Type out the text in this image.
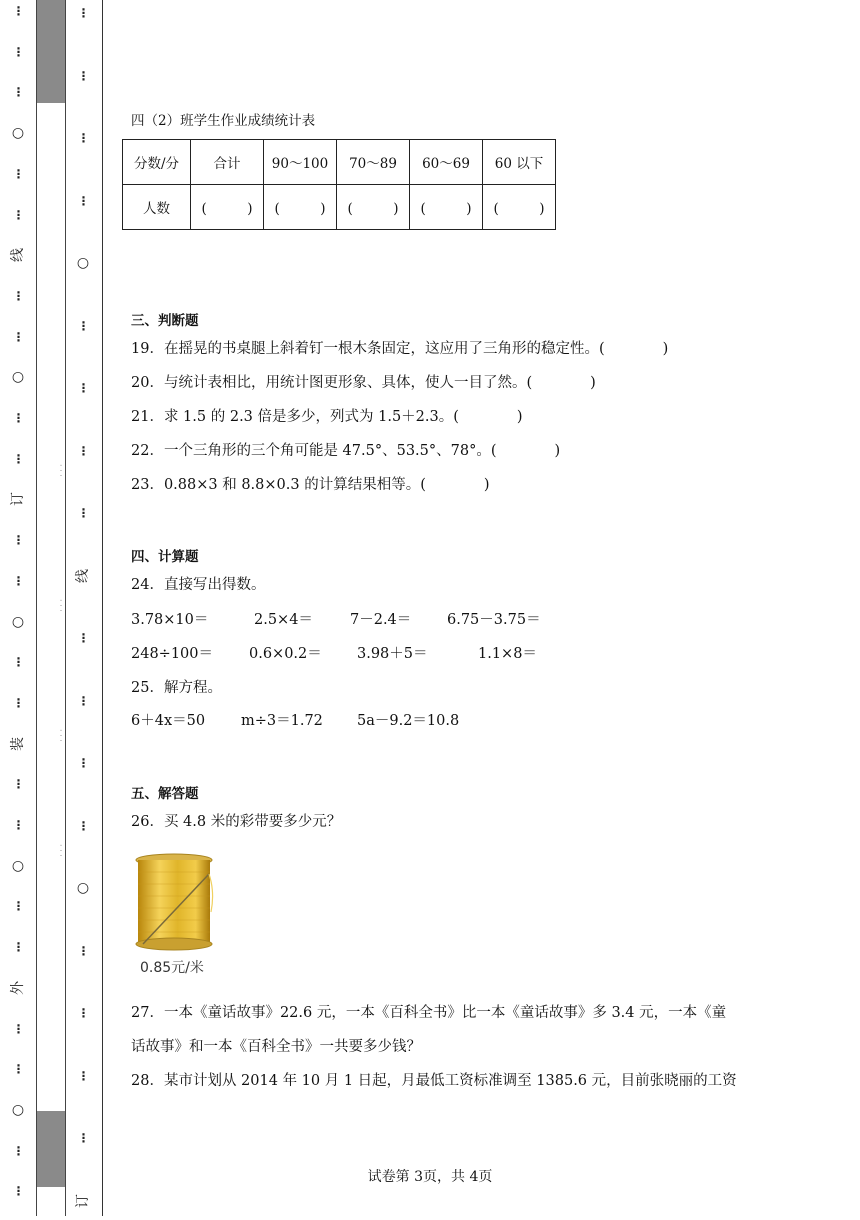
⋮
⋮
⋮
○
⋮
⋮
线
⋮
⋮
○
⋮
⋮
订
⋮
⋮
○
⋮
⋮
装
⋮
⋮
○
⋮
⋮
外
⋮
⋮
○
⋮
⋮
· · ·
· · ·
· · ·
· · ·
⋮
⋮
⋮
⋮
○
⋮
⋮
⋮
⋮
线
⋮
⋮
⋮
⋮
○
⋮
⋮
⋮
⋮
订
四（2）班学生作业成绩统计表
分数/分	合计	90～100	70～89	60～69	60 以下
人数	(　　　)	(　　　)	(　　　)	(　　　)	(　　　)
三、判断题
19．在摇晃的书桌腿上斜着钉一根木条固定，这应用了三角形的稳定性。(　　　　)
20．与统计表相比，用统计图更形象、具体，使人一目了然。(　　　　)
21．求 1.5 的 2.3 倍是多少，列式为 1.5＋2.3。(　　　　)
22．一个三角形的三个角可能是 47.5°、53.5°、78°。(　　　　)
23．0.88×3 和 8.8×0.3 的计算结果相等。(　　　　)
四、计算题
24．直接写出得数。
3.78×10＝	2.5×4＝	7－2.4＝ 6.75－3.75＝
248÷100＝ 0.6×0.2＝ 3.98＋5＝	1.1×8＝
25．解方程。
6＋4x＝50 m÷3＝1.72 5a－9.2＝10.8
五、解答题
26．买 4.8 米的彩带要多少元？
0.85元/米
27．一本《童话故事》22.6 元，一本《百科全书》比一本《童话故事》多 3.4 元，一本《童
话故事》和一本《百科全书》一共要多少钱？
28．某市计划从 2014 年 10 月 1 日起，月最低工资标准调至 1385.6 元，目前张晓丽的工资
试卷第 3页，共 4页
